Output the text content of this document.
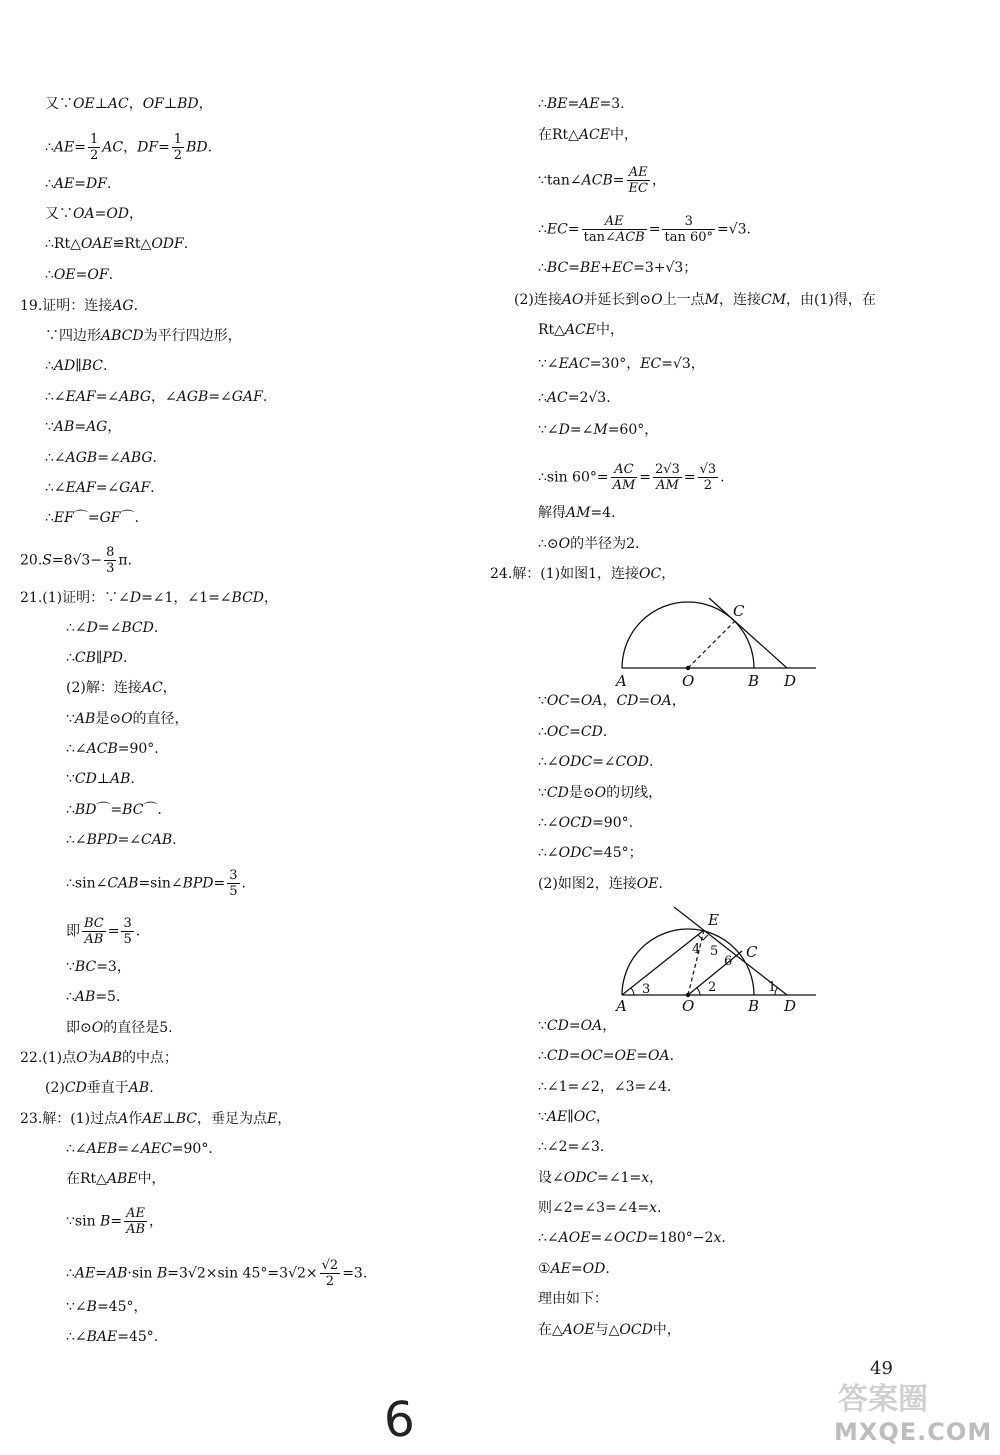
又∵OE⊥AC，OF⊥BD，
∴AE= $\frac{1}{2}$ AC，$DF= \frac{1}{2}$ BD.
∴AE=DF.
又∵OA=OD，
∴Rt△OAE≌Rt△ODF.
∴OE=OF.
19.证明：连接AG.
∵四边形ABCD为平行四边形，
∴AD∥BC.
∴∠EAF=∠ABG，∠AGB=∠GAF.
∵AB=AG，
∴∠AGB=∠ABG.
∴∠EAF=∠GAF.
∴EF⌒=GF⌒.
$20.S=8√3- \frac{8}{3} \pi$.
21.(1)证明：∵∠D=∠1，∠1=∠BCD，
∴∠D=∠BCD.
∴CB∥PD.
(2)解：连接AC，
∵AB是⊙O的直径，
∴∠ACB=90°.
∵CD⊥AB.
∴BD⌒=BC⌒.
∴∠BPD=∠CAB.
∴sin∠CAB=sin∠BPD= $\frac{3}{5}$ .
即 $\frac{BC}{AB} = \frac{3}{5}$ .
∵BC=3，
∴AB=5.
即⊙O的直径是5.
22.(1)点O为AB的中点；
(2)CD垂直于AB.
23.解：(1)过点A作AE⊥BC，垂足为点E，
∴∠AEB=∠AEC=90°.
在Rt△ABE中，
∵sin $B= \frac{AE}{AB}$ ，
∴AE=AB·sin B=3√2×sin $45^\circ=3√2\times \frac{√2}{2} =3$.
∵∠B=45°，
∴∠BAE=45°.
∴BE=AE=3.
在Rt△ACE中，
∵tan∠ACB= $\frac{AE}{EC}$ ，
∴EC= $\frac{AE}{\text{tan∠ACB}} = \frac{3}{\tan 60^\circ} =√3$.
∴BC=BE+EC=3+√3；
(2)连接AO并延长到⊙O上一点M，连接CM，由(1)得，在
Rt△ACE中，
∵∠EAC=30°，EC=√3，
∴AC=2√3.
∵∠D=∠M=60°，
∴sin $60^\circ= \frac{AC}{AM} = \frac{2√3}{AM} = \frac{√3}{2}$ .
解得AM=4.
∴⊙O的半径为2.
24.解：(1)如图1，连接OC，
∵OC=OA，CD=OA，
∴OC=CD.
∴∠ODC=∠COD.
∵CD是⊙O的切线，
∴∠OCD=90°.
∴∠ODC=45°；
(2)如图2，连接OE.
∵CD=OA，
∴CD=OC=OE=OA.
∴∠1=∠2，∠3=∠4.
∵AE∥OC，
∴∠2=∠3.
设∠ODC=∠1=x，
则∠2=∠3=∠4=x.
∴∠AOE=∠OCD=180°−2x.
①AE=OD.
理由如下：
在△AOE与△OCD中，
A	O	B D
C
A	O	B D
C
E
1
2
3
4 5
6
49
6	答案圈
MXQE.COM
